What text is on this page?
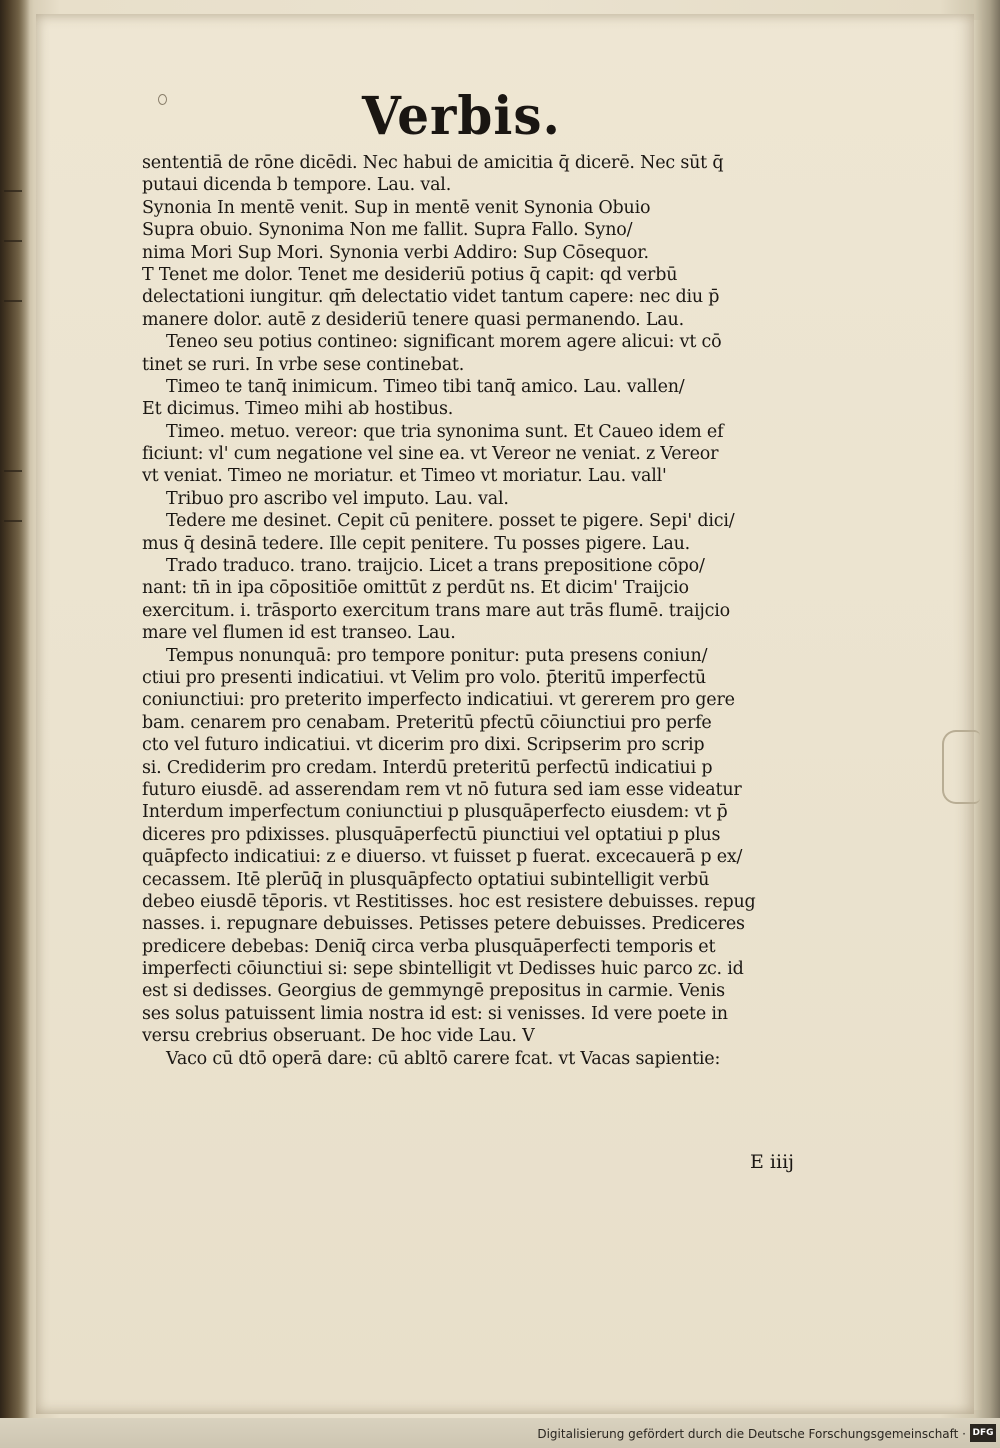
Verbis.
sententiā de rōne dicēdi. Nec habui de amicitia q̄ dicerē. Nec sūt q̄
putaui dicenda b̄ tempore. Lau. val.
Synonia In mentē venit. Sup in mentē venit Synonia Obuio
Supra obuio. Synonima Non me fallit. Supra Fallo. Syno/
nima Mori Sup Mori. Synonia verbi Addiro: Sup Cōsequor.
T Tenet me dolor. Tenet me desideriū potius q̄ capit: qd verbū
delectationi iungitur. qm̄ delectatio videt tantum capere: nec diu p̄
manere dolor. autē z desideriū tenere quasi permanendo. Lau.
Teneo seu potius contineo: significant morem agere alicui: vt cō
tinet se ruri. In vrbe sese continebat.
Timeo te tanq̄ inimicum. Timeo tibi tanq̄ amico. Lau. vallen/
Et dicimus. Timeo mihi ab hostibus.
Timeo. metuo. vereor: que tria synonima sunt. Et Caueo idem ef
ficiunt: vl' cum negatione vel sine ea. vt Vereor ne veniat. z Vereor
vt veniat. Timeo ne moriatur. et Timeo vt moriatur. Lau. vall'
Tribuo pro ascribo vel imputo. Lau. val.
Tedere me desinet. Cepit cū penitere. posset te pigere. Sepi' dici/
mus q̄ desinā tedere. Ille cepit penitere. Tu posses pigere. Lau.
Trado traduco. trano. traijcio. Licet a trans prepositione cōpo/
nant: tn̄ in ipa cōpositiōe omittūt z perdūt ns. Et dicim' Traijcio
exercitum. i. trāsporto exercitum trans mare aut trās flumē. traijcio
mare vel flumen id est transeo. Lau.
Tempus nonunquā: pro tempore ponitur: puta presens coniun/
ctiui pro presenti indicatiui. vt Velim pro volo. p̄teritū imperfectū
coniunctiui: pro preterito imperfecto indicatiui. vt gererem pro gere
bam. cenarem pro cenabam. Preteritū pfectū cōiunctiui pro perfe
cto vel futuro indicatiui. vt dicerim pro dixi. Scripserim pro scrip
si. Crediderim pro credam. Interdū preteritū perfectū indicatiui p
futuro eiusdē. ad asserendam rem vt nō futura sed iam esse videatur
Interdum imperfectum coniunctiui p plusquāperfecto eiusdem: vt p̄
diceres pro pdixisses. plusquāperfectū piunctiui vel optatiui p plus
quāpfecto indicatiui: z e diuerso. vt fuisset p fuerat. excecauerā p ex/
cecassem. Itē plerūq̄ in plusquāpfecto optatiui subintelligit verbū
debeo eiusdē tēporis. vt Restitisses. hoc est resistere debuisses. repug
nasses. i. repugnare debuisses. Petisses petere debuisses. Prediceres
predicere debebas: Deniq̄ circa verba plusquāperfecti temporis et
imperfecti cōiunctiui si: sepe sbintelligit vt Dedisses huic parco zc. id
est si dedisses. Georgius de gemmyngē prepositus in carmie. Venis
ses solus patuissent limia nostra id est: si venisses. Id vere poete in
versu crebrius obseruant. De hoc vide Lau. V
Vaco cū dtō operā dare: cū abltō carere fcat. vt Vacas sapientie:
E iiij
Digitalisierung gefördert durch die Deutsche Forschungsgemeinschaft · DFG
